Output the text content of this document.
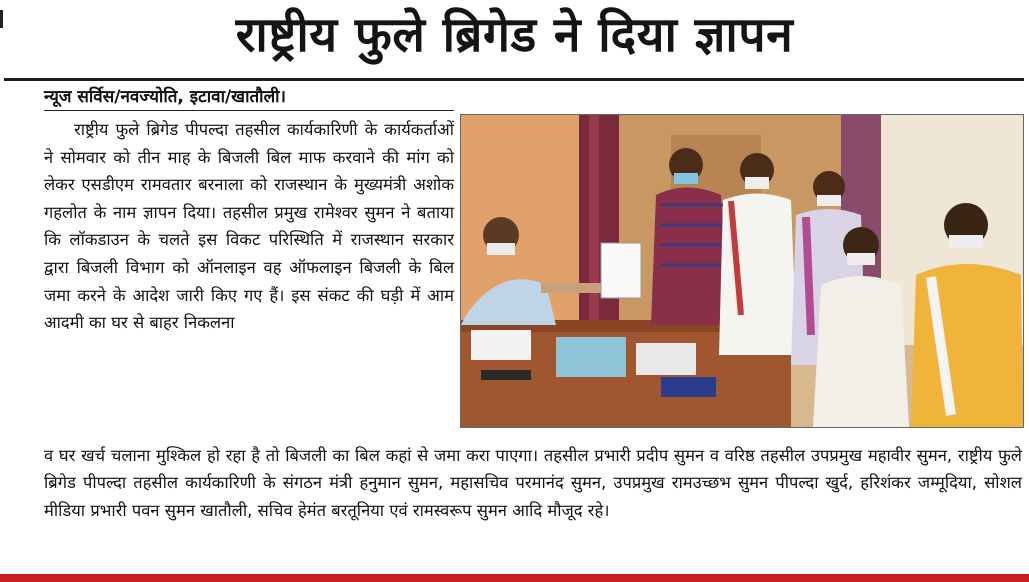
राष्ट्रीय फुले ब्रिगेड ने दिया ज्ञापन
न्यूज सर्विस/नवज्योति, इटावा/खातौली।

राष्ट्रीय फुले ब्रिगेड पीपल्दा तहसील कार्यकारिणी के कार्यकर्ताओं ने सोमवार को तीन माह के बिजली बिल माफ करवाने की मांग को लेकर एसडीएम रामवतार बरनाला को राजस्थान के मुख्यमंत्री अशोक गहलोत के नाम ज्ञापन दिया। तहसील प्रमुख रामेश्वर सुमन ने बताया कि लॉकडाउन के चलते इस विकट परिस्थिति में राजस्थान सरकार द्वारा बिजली विभाग को ऑनलाइन वह ऑफलाइन बिजली के बिल जमा करने के आदेश जारी किए गए हैं। इस संकट की घड़ी में आम आदमी का घर से बाहर निकलना

व घर खर्च चलाना मुश्किल हो रहा है तो बिजली का बिल कहां से जमा करा पाएगा। तहसील प्रभारी प्रदीप सुमन व वरिष्ठ तहसील उपप्रमुख महावीर सुमन, राष्ट्रीय फुले ब्रिगेड पीपल्दा तहसील कार्यकारिणी के संगठन मंत्री हनुमान सुमन, महासचिव परमानंद सुमन, उपप्रमुख रामउच्छभ सुमन पीपल्दा खुर्द, हरिशंकर जम्मूदिया, सोशल मीडिया प्रभारी पवन सुमन खातौली, सचिव हेमंत बरतूनिया एवं रामस्वरूप सुमन आदि मौजूद रहे।
